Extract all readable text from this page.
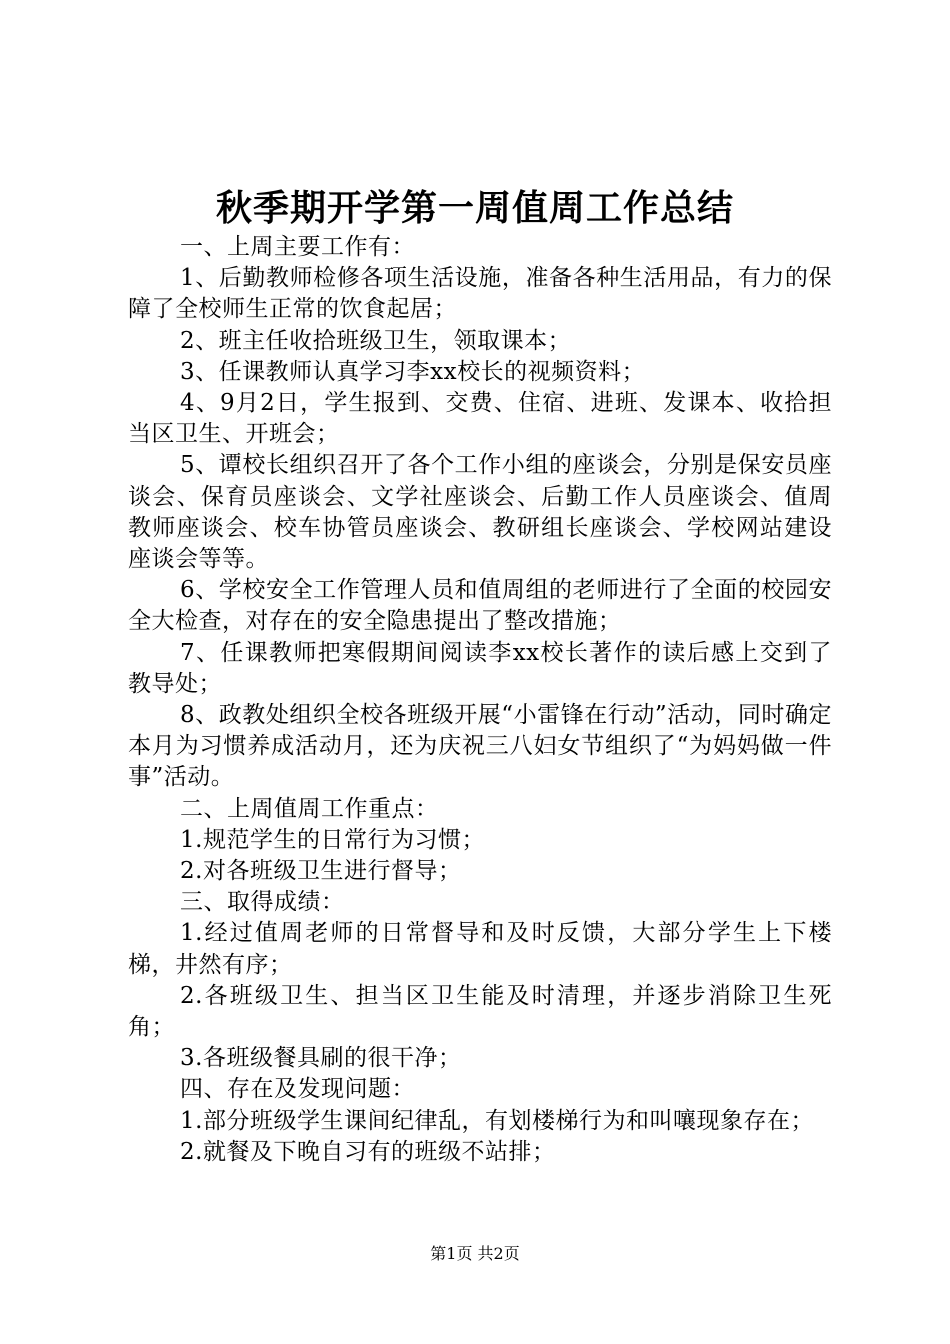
秋季期开学第一周值周工作总结

一、上周主要工作有：

1、后勤教师检修各项生活设施，准备各种生活用品，有力的保障了全校师生正常的饮食起居；

2、班主任收拾班级卫生，领取课本；

3、任课教师认真学习李xx校长的视频资料；

4、9月2日，学生报到、交费、住宿、进班、发课本、收拾担当区卫生、开班会；

5、谭校长组织召开了各个工作小组的座谈会，分别是保安员座谈会、保育员座谈会、文学社座谈会、后勤工作人员座谈会、值周教师座谈会、校车协管员座谈会、教研组长座谈会、学校网站建设座谈会等等。

6、学校安全工作管理人员和值周组的老师进行了全面的校园安全大检查，对存在的安全隐患提出了整改措施；

7、任课教师把寒假期间阅读李xx校长著作的读后感上交到了教导处；

8、政教处组织全校各班级开展“小雷锋在行动”活动，同时确定本月为习惯养成活动月，还为庆祝三八妇女节组织了“为妈妈做一件事”活动。

二、上周值周工作重点：

1.规范学生的日常行为习惯；

2.对各班级卫生进行督导；

三、取得成绩：

1.经过值周老师的日常督导和及时反馈，大部分学生上下楼梯，井然有序；

2.各班级卫生、担当区卫生能及时清理，并逐步消除卫生死角；

3.各班级餐具刷的很干净；

四、存在及发现问题：

1.部分班级学生课间纪律乱，有划楼梯行为和叫嚷现象存在；

2.就餐及下晚自习有的班级不站排；

第1页 共2页
